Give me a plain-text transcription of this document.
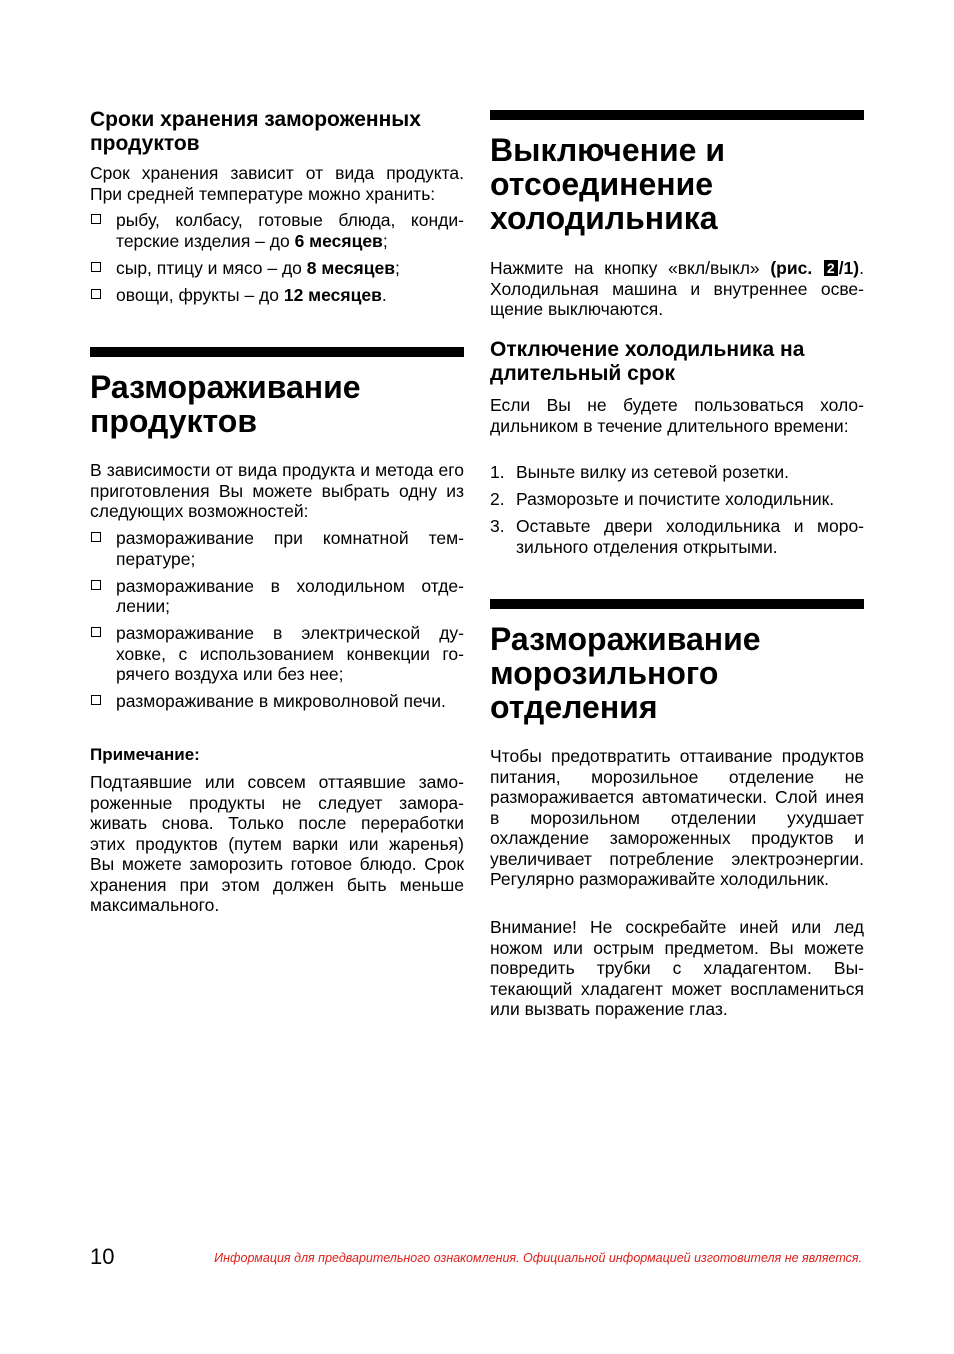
Сроки хранения замороженных продуктов

Срок хранения зависит от вида продукта. При средней температуре можно хранить:

рыбу, колбасу, готовые блюда, кондитерские изделия – до 6 месяцев;
сыр, птицу и мясо – до 8 месяцев;
овощи, фрукты – до 12 месяцев.
Размораживание продуктов

В зависимости от вида продукта и метода его приготовления Вы можете выбрать одну из следующих возможностей:

размораживание при комнатной температуре;
размораживание в холодильном отделении;
размораживание в электрической духовке, с использованием конвекции горячего воздуха или без нее;
размораживание в микроволновой печи.

Примечание:

Подтаявшие или совсем оттаявшие замороженные продукты не следует замораживать снова. Только после переработки этих продуктов (путем варки или жаренья) Вы можете заморозить готовое блюдо. Срок хранения при этом должен быть меньше максимального.

Выключение и отсоединение холодильника

Нажмите на кнопку «вкл/выкл» (рис. 2 /1). Холодильная машина и внутреннее освещение выключаются.

Отключение холодильника на длительный срок

Если Вы не будете пользоваться холодильником в течение длительного времени:

1. Выньте вилку из сетевой розетки.
2. Разморозьте и почистите холодильник.
3. Оставьте двери холодильника и морозильного отделения открытыми.
Размораживание морозильного отделения

Чтобы предотвратить оттаивание продуктов питания, морозильное отделение не размораживается автоматически. Слой инея в морозильном отделении ухудшает охлаждение замороженных продуктов и увеличивает потребление электроэнергии. Регулярно размораживайте холодильник.

Внимание! Не соскребайте иней или лед ножом или острым предметом. Вы можете повредить трубки с хладагентом. Вытекающий хладагент может воспламениться или вызвать поражение глаз.

10	Информация для предварительного ознакомления. Официальной информацией изготовителя не является.
